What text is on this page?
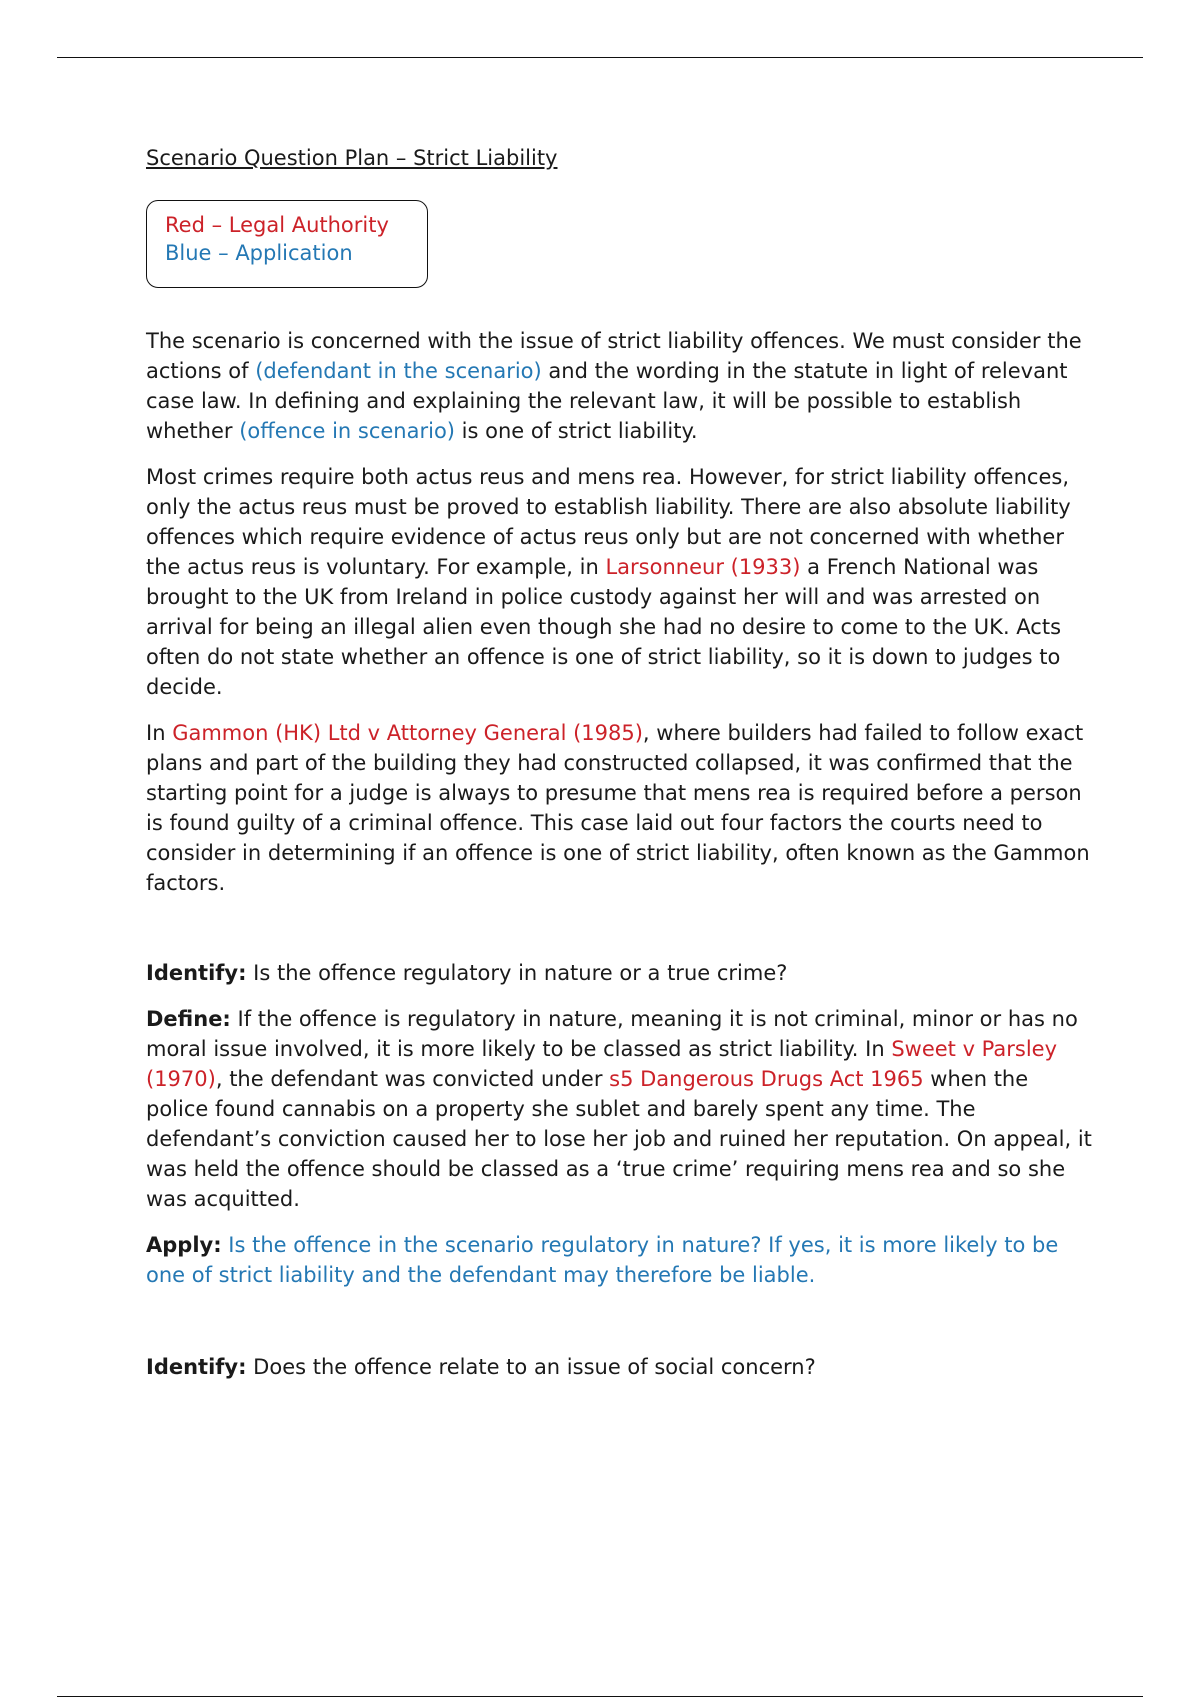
Scenario Question Plan – Strict Liability
Red – Legal Authority
Blue – Application

The scenario is concerned with the issue of strict liability offences. We must consider the actions of (defendant in the scenario) and the wording in the statute in light of relevant case law. In defining and explaining the relevant law, it will be possible to establish whether (offence in scenario) is one of strict liability.

Most crimes require both actus reus and mens rea. However, for strict liability offences, only the actus reus must be proved to establish liability. There are also absolute liability offences which require evidence of actus reus only but are not concerned with whether the actus reus is voluntary. For example, in Larsonneur (1933) a French National was brought to the UK from Ireland in police custody against her will and was arrested on arrival for being an illegal alien even though she had no desire to come to the UK. Acts often do not state whether an offence is one of strict liability, so it is down to judges to decide.

In Gammon (HK) Ltd v Attorney General (1985), where builders had failed to follow exact plans and part of the building they had constructed collapsed, it was confirmed that the starting point for a judge is always to presume that mens rea is required before a person is found guilty of a criminal offence. This case laid out four factors the courts need to consider in determining if an offence is one of strict liability, often known as the Gammon factors.

Identify: Is the offence regulatory in nature or a true crime?

Define: If the offence is regulatory in nature, meaning it is not criminal, minor or has no moral issue involved, it is more likely to be classed as strict liability. In Sweet v Parsley (1970), the defendant was convicted under s5 Dangerous Drugs Act 1965 when the police found cannabis on a property she sublet and barely spent any time. The defendant’s conviction caused her to lose her job and ruined her reputation. On appeal, it was held the offence should be classed as a ‘true crime’ requiring mens rea and so she was acquitted.

Apply: Is the offence in the scenario regulatory in nature? If yes, it is more likely to be one of strict liability and the defendant may therefore be liable.

Identify: Does the offence relate to an issue of social concern?
